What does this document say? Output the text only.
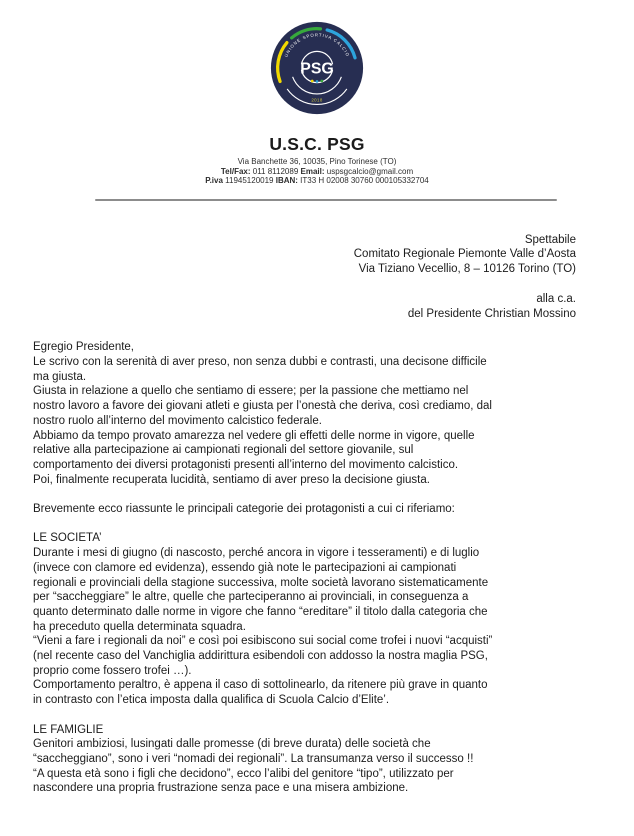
UNIONE SPORTIVA CALCIO
PSG
2018
U.S.C. PSG
Via Banchette 36, 10035, Pino Torinese (TO)
Tel/Fax: 011 8112089 Email: uspsgcalcio@gmail.com
P.iva 11945120019 IBAN: IT33 H 02008 30760 000105332704
Spettabile
Comitato Regionale Piemonte Valle d’Aosta
Via Tiziano Vecellio, 8 – 10126 Torino (TO)
alla c.a.
del Presidente Christian Mossino
Egregio Presidente,
Le scrivo con la serenità di aver preso, non senza dubbi e contrasti, una decisone difficile
ma giusta.
Giusta in relazione a quello che sentiamo di essere; per la passione che mettiamo nel
nostro lavoro a favore dei giovani atleti e giusta per l’onestà che deriva, così crediamo, dal
nostro ruolo all’interno del movimento calcistico federale.
Abbiamo da tempo provato amarezza nel vedere gli effetti delle norme in vigore, quelle
relative alla partecipazione ai campionati regionali del settore giovanile, sul
comportamento dei diversi protagonisti presenti all’interno del movimento calcistico.
Poi, finalmente recuperata lucidità, sentiamo di aver preso la decisione giusta.

Brevemente ecco riassunte le principali categorie dei protagonisti a cui ci riferiamo:

LE SOCIETA’
Durante i mesi di giugno (di nascosto, perché ancora in vigore i tesseramenti) e di luglio
(invece con clamore ed evidenza), essendo già note le partecipazioni ai campionati
regionali e provinciali della stagione successiva, molte società lavorano sistematicamente
per “saccheggiare” le altre, quelle che parteciperanno ai provinciali, in conseguenza a
quanto determinato dalle norme in vigore che fanno “ereditare” il titolo dalla categoria che
ha preceduto quella determinata squadra.
“Vieni a fare i regionali da noi” e così poi esibiscono sui social come trofei i nuovi “acquisti”
(nel recente caso del Vanchiglia addirittura esibendoli con addosso la nostra maglia PSG,
proprio come fossero trofei …).
Comportamento peraltro, è appena il caso di sottolinearlo, da ritenere più grave in quanto
in contrasto con l’etica imposta dalla qualifica di Scuola Calcio d’Elite’.

LE FAMIGLIE
Genitori ambiziosi, lusingati dalle promesse (di breve durata) delle società che
“saccheggiano”, sono i veri “nomadi dei regionali”. La transumanza verso il successo !!
“A questa età sono i figli che decidono”, ecco l’alibi del genitore “tipo”, utilizzato per
nascondere una propria frustrazione senza pace e una misera ambizione.
